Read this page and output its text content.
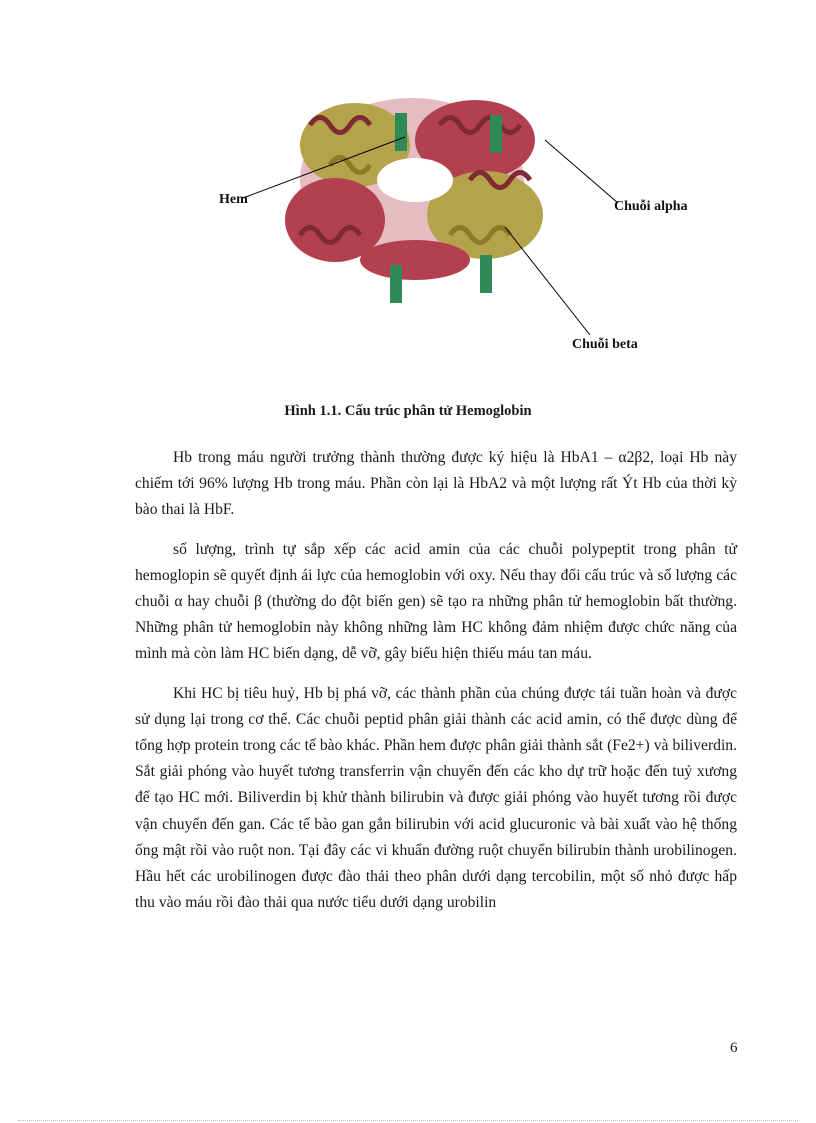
Hem	Chuỗi alpha
Chuỗi beta
Hình 1.1. Cấu trúc phân tử Hemoglobin

Hb trong máu người trưởng thành thường được ký hiệu là HbA1 – α2β2, loại Hb này chiếm tới 96% lượng Hb trong máu. Phần còn lại là HbA2 và một lượng rất Ýt Hb của thời kỳ bào thai là HbF.

số lượng, trình tự sắp xếp các acid amin của các chuỗi polypeptit trong phân tử hemoglopin sẽ quyết định ái lực của hemoglobin với oxy. Nếu thay đổi cấu trúc và số lượng các chuỗi α hay chuỗi β (thường do đột biến gen) sẽ tạo ra những phân tử hemoglobin bất thường. Những phân tử hemoglobin này không những làm HC không đảm nhiệm được chức năng của mình mà còn làm HC biến dạng, dễ vỡ, gây biểu hiện thiếu máu tan máu.

Khi HC bị tiêu huỷ, Hb bị phá vỡ, các thành phần của chúng được tái tuần hoàn và được sử dụng lại trong cơ thể. Các chuỗi peptid phân giải thành các acid amin, có thể được dùng để tổng hợp protein trong các tế bào khác. Phần hem được phân giải thành sắt (Fe2+) và biliverdin. Sắt giải phóng vào huyết tương transferrin vận chuyển đến các kho dự trữ hoặc đến tuỷ xương để tạo HC mới. Biliverdin bị khử thành bilirubin và được giải phóng vào huyết tương rồi được vận chuyển đến gan. Các tế bào gan gắn bilirubin với acid glucuronic và bài xuất vào hệ thống ống mật rồi vào ruột non. Tại đây các vi khuẩn đường ruột chuyển bilirubin thành urobilinogen. Hầu hết các urobilinogen được đào thải theo phân dưới dạng tercobilin, một số nhỏ được hấp thu vào máu rồi đào thải qua nước tiểu dưới dạng urobilin

6
